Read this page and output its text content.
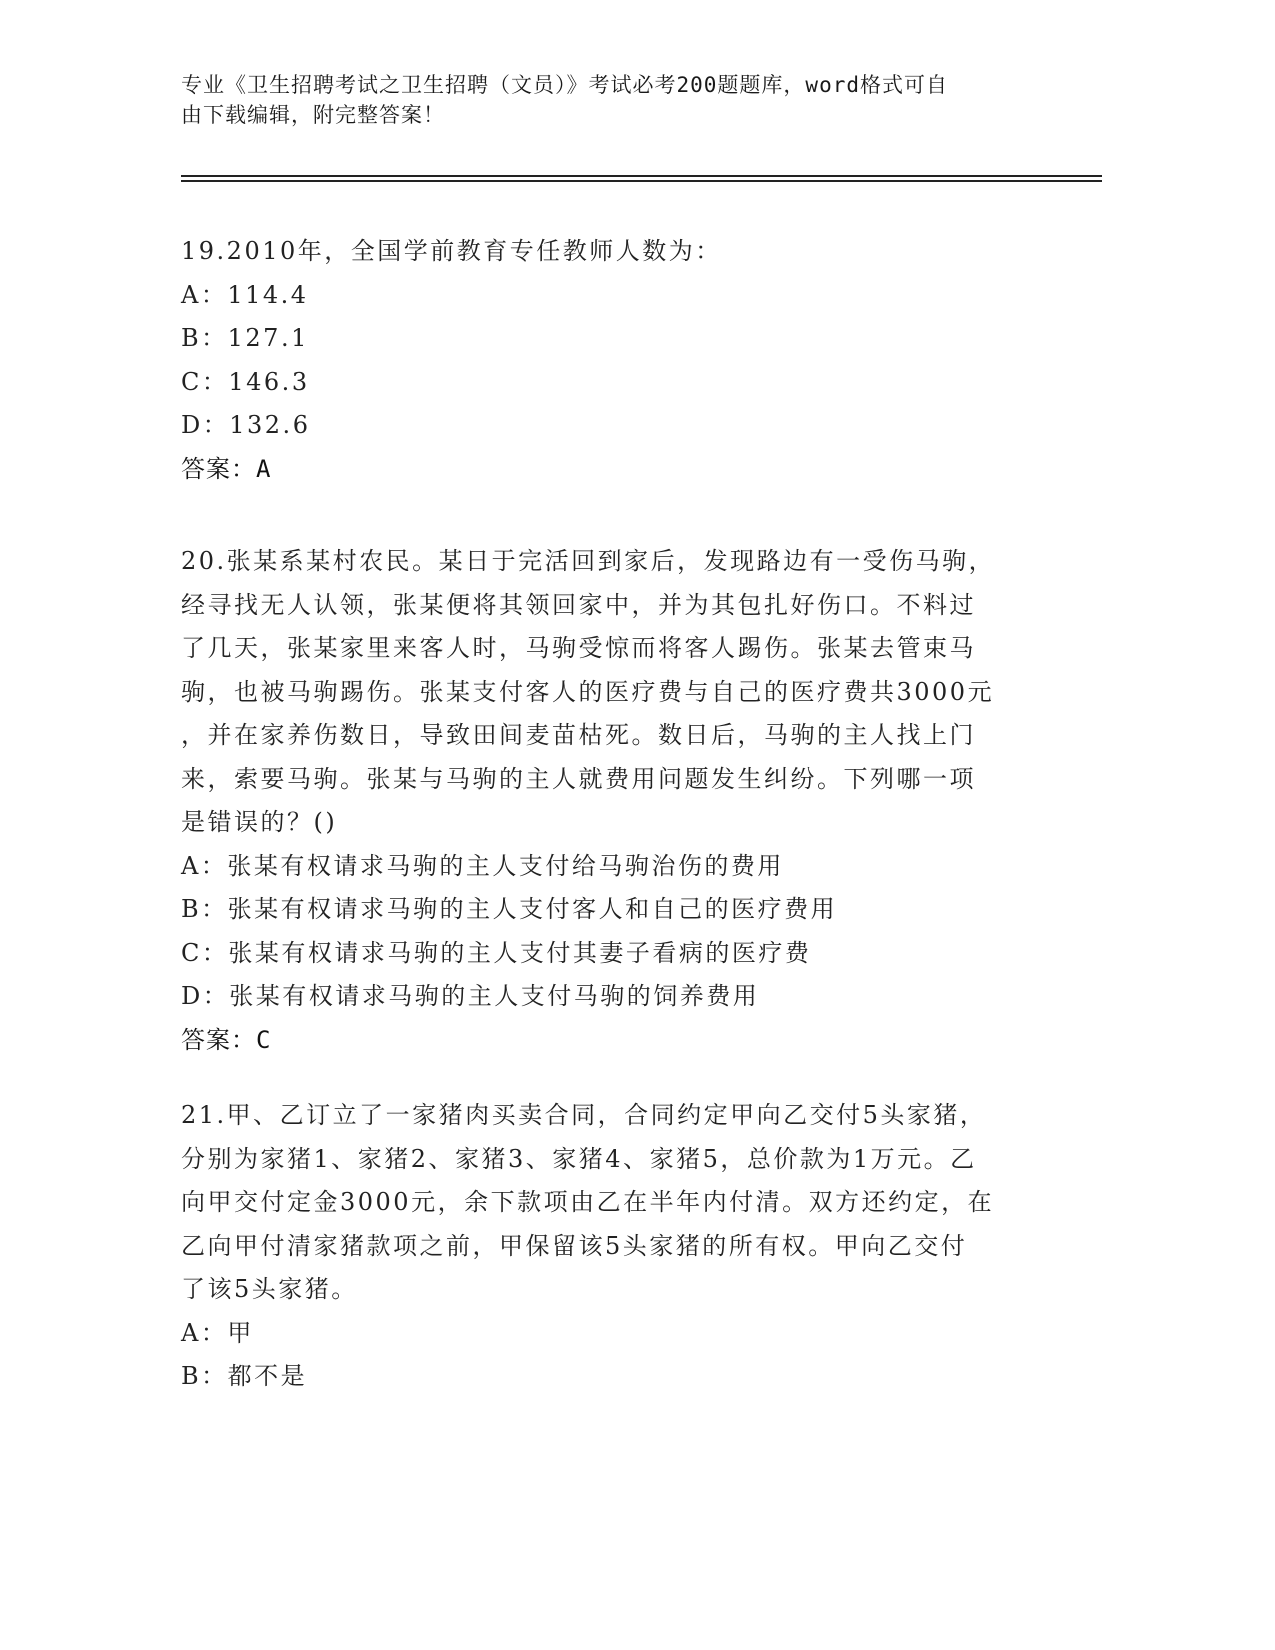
专业《卫生招聘考试之卫生招聘（文员）》考试必考200题题库，word格式可自
由下载编辑，附完整答案！
19.2010年，全国学前教育专任教师人数为：
A：114.4
B：127.1
C：146.3
D：132.6
答案：A
20.张某系某村农民。某日于完活回到家后，发现路边有一受伤马驹，
经寻找无人认领，张某便将其领回家中，并为其包扎好伤口。不料过
了几天，张某家里来客人时，马驹受惊而将客人踢伤。张某去管束马
驹，也被马驹踢伤。张某支付客人的医疗费与自己的医疗费共3000元
，并在家养伤数日，导致田间麦苗枯死。数日后，马驹的主人找上门
来，索要马驹。张某与马驹的主人就费用问题发生纠纷。下列哪一项
是错误的？()
A：张某有权请求马驹的主人支付给马驹治伤的费用
B：张某有权请求马驹的主人支付客人和自己的医疗费用
C：张某有权请求马驹的主人支付其妻子看病的医疗费
D：张某有权请求马驹的主人支付马驹的饲养费用
答案：C
21.甲、乙订立了一家猪肉买卖合同，合同约定甲向乙交付5头家猪，
分别为家猪1、家猪2、家猪3、家猪4、家猪5，总价款为1万元。乙
向甲交付定金3000元，余下款项由乙在半年内付清。双方还约定，在
乙向甲付清家猪款项之前，甲保留该5头家猪的所有权。甲向乙交付
了该5头家猪。
A：甲
B：都不是
